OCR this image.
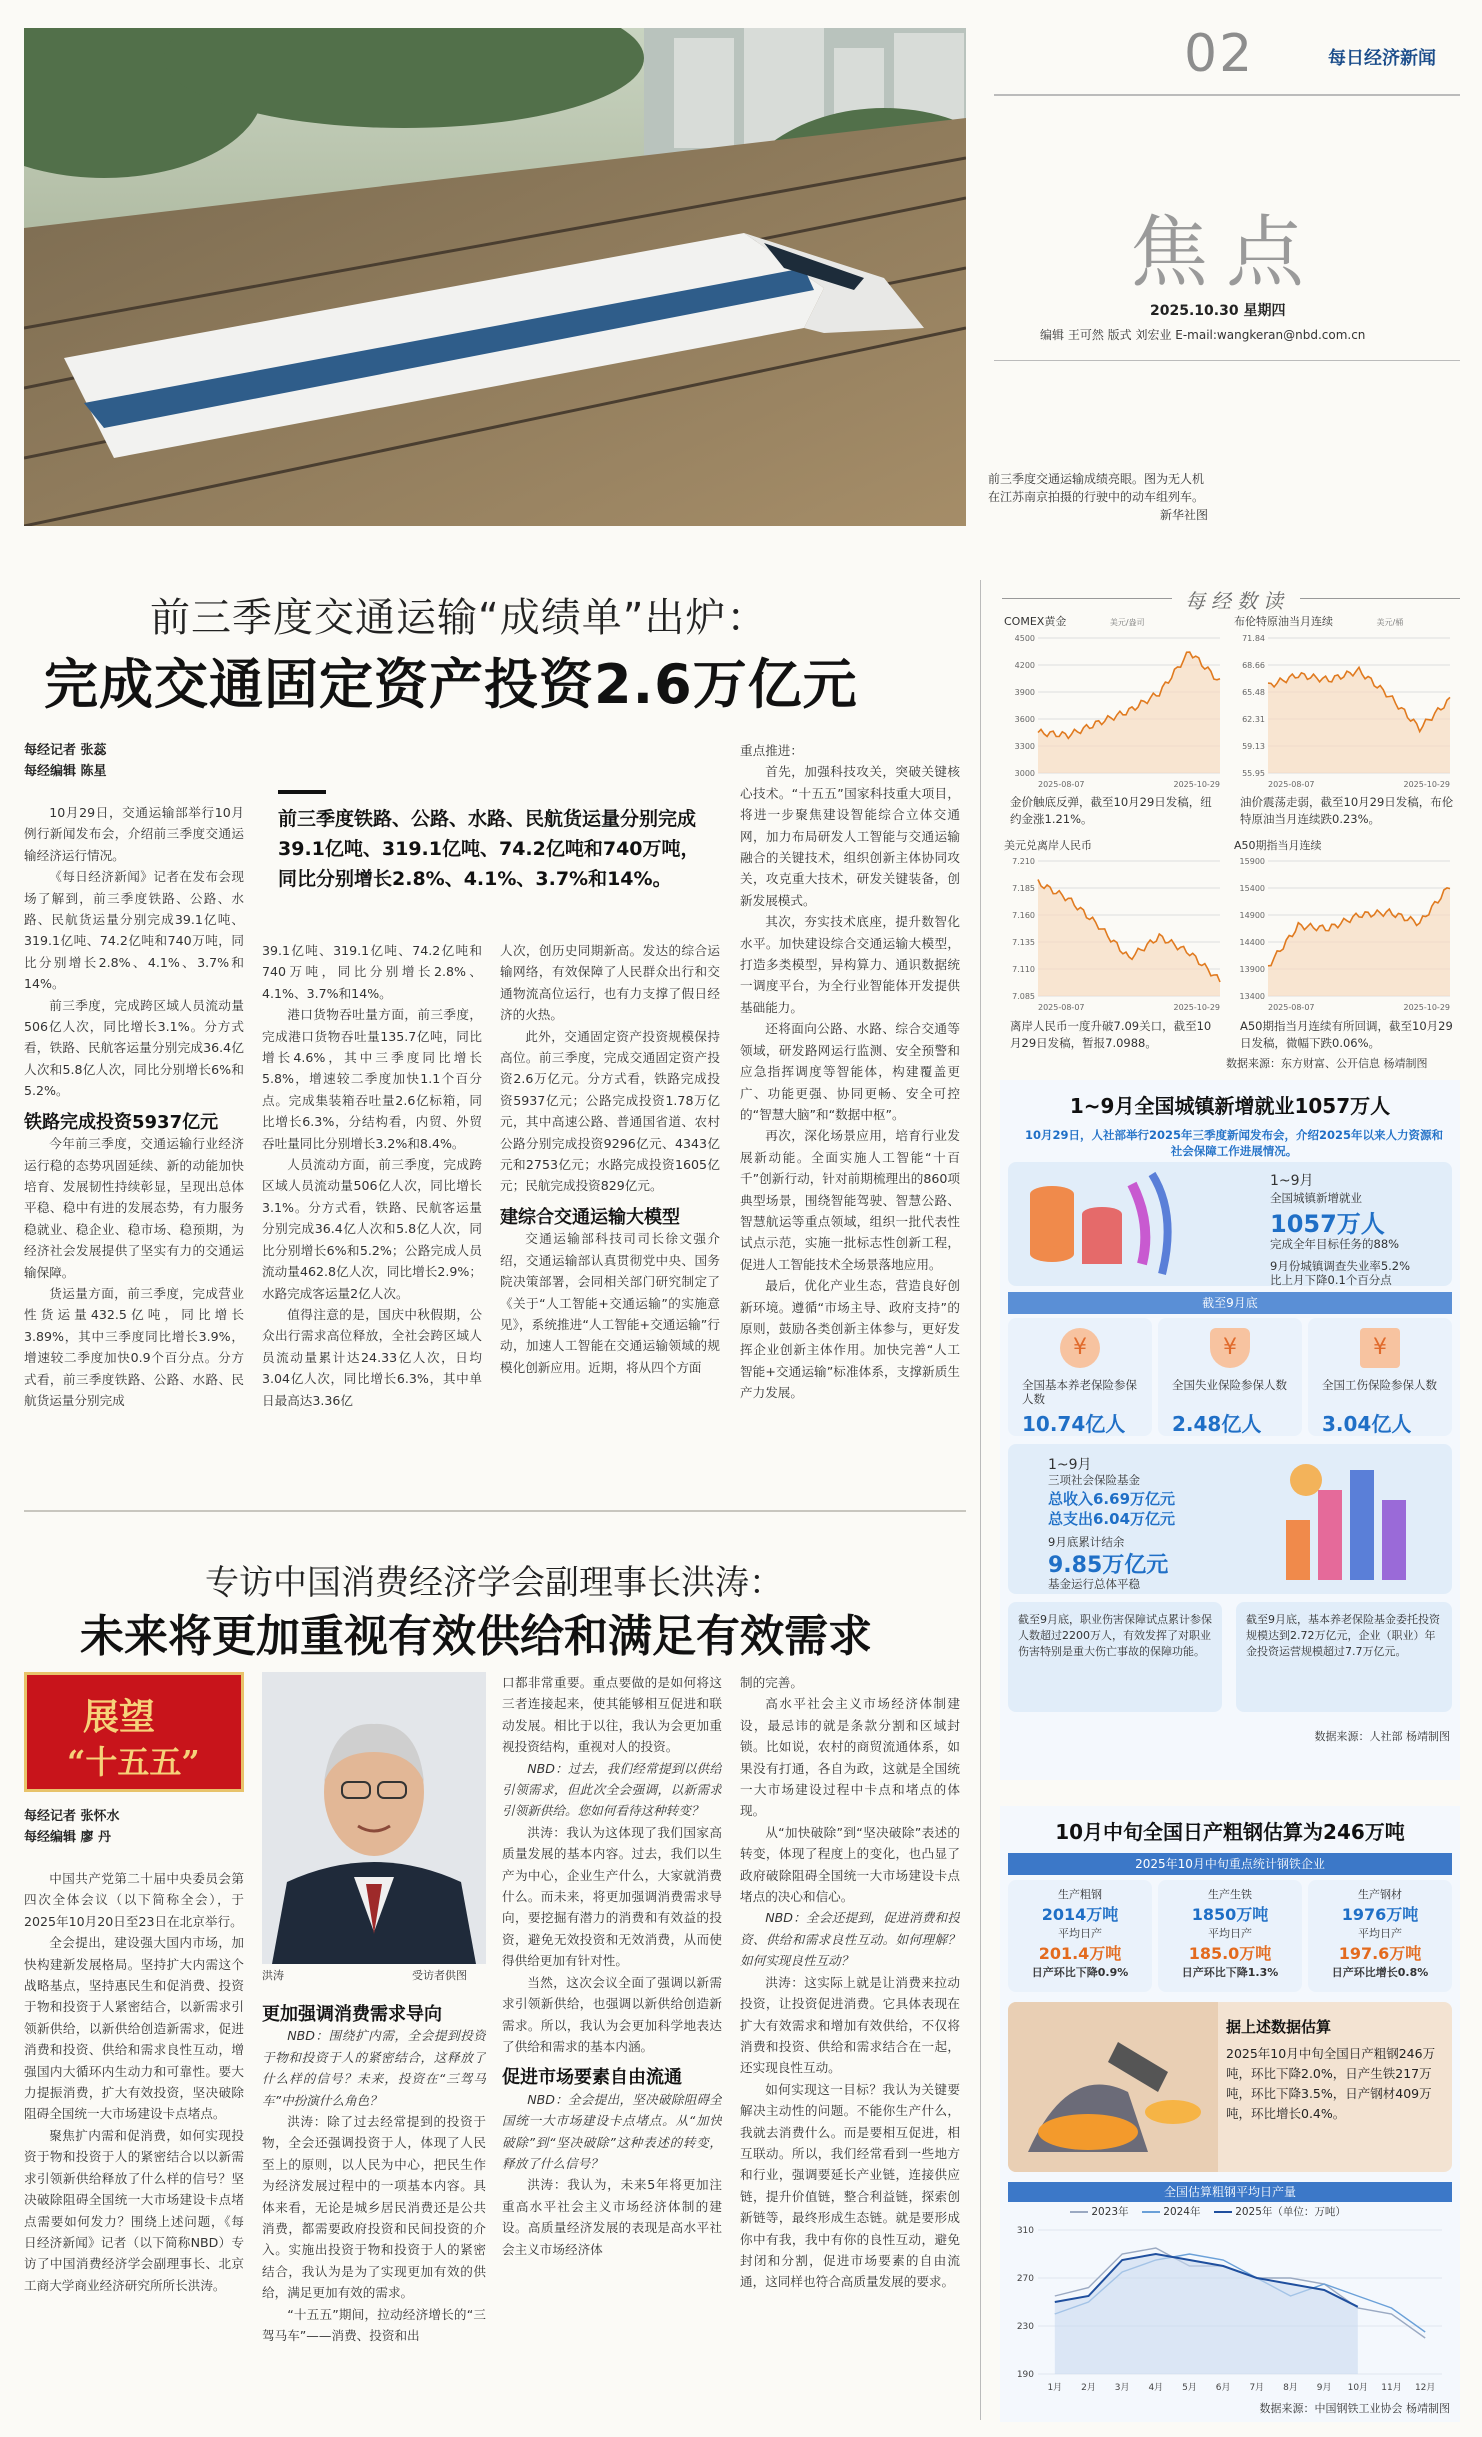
02	每日经济新闻
焦点
2025.10.30 星期四
编辑 王可然 版式 刘宏业 E-mail:wangkeran@nbd.com.cn
前三季度交通运输成绩亮眼。图为无人机在江苏南京拍摄的行驶中的动车组列车。
新华社图
前三季度交通运输“成绩单”出炉：
完成交通固定资产投资2.6万亿元
每经记者 张蕊
每经编辑 陈星
前三季度铁路、公路、水路、民航货运量分别完成39.1亿吨、319.1亿吨、74.2亿吨和740万吨，同比分别增长2.8%、4.1%、3.7%和14%。

10月29日，交通运输部举行10月例行新闻发布会，介绍前三季度交通运输经济运行情况。

《每日经济新闻》记者在发布会现场了解到，前三季度铁路、公路、水路、民航货运量分别完成39.1亿吨、319.1亿吨、74.2亿吨和740万吨，同比分别增长2.8%、4.1%、3.7%和14%。

前三季度，完成跨区域人员流动量506亿人次，同比增长3.1%。分方式看，铁路、民航客运量分别完成36.4亿人次和5.8亿人次，同比分别增长6%和5.2%。

铁路完成投资5937亿元

今年前三季度，交通运输行业经济运行稳的态势巩固延续、新的动能加快培育、发展韧性持续彰显，呈现出总体平稳、稳中有进的发展态势，有力服务稳就业、稳企业、稳市场、稳预期，为经济社会发展提供了坚实有力的交通运输保障。

货运量方面，前三季度，完成营业性货运量432.5亿吨，同比增长3.89%，其中三季度同比增长3.9%，增速较二季度加快0.9个百分点。分方式看，前三季度铁路、公路、水路、民航货运量分别完成

39.1亿吨、319.1亿吨、74.2亿吨和740万吨，同比分别增长2.8%、4.1%、3.7%和14%。

港口货物吞吐量方面，前三季度，完成港口货物吞吐量135.7亿吨，同比增长4.6%，其中三季度同比增长5.8%，增速较二季度加快1.1个百分点。完成集装箱吞吐量2.6亿标箱，同比增长6.3%，分结构看，内贸、外贸吞吐量同比分别增长3.2%和8.4%。

人员流动方面，前三季度，完成跨区域人员流动量506亿人次，同比增长3.1%。分方式看，铁路、民航客运量分别完成36.4亿人次和5.8亿人次，同比分别增长6%和5.2%；公路完成人员流动量462.8亿人次，同比增长2.9%；水路完成客运量2亿人次。

值得注意的是，国庆中秋假期，公众出行需求高位释放，全社会跨区域人员流动量累计达24.33亿人次，日均3.04亿人次，同比增长6.3%，其中单日最高达3.36亿

人次，创历史同期新高。发达的综合运输网络，有效保障了人民群众出行和交通物流高位运行，也有力支撑了假日经济的火热。

此外，交通固定资产投资规模保持高位。前三季度，完成交通固定资产投资2.6万亿元。分方式看，铁路完成投资5937亿元；公路完成投资1.78万亿元，其中高速公路、普通国省道、农村公路分别完成投资9296亿元、4343亿元和2753亿元；水路完成投资1605亿元；民航完成投资829亿元。

建综合交通运输大模型

交通运输部科技司司长徐文强介绍，交通运输部认真贯彻党中央、国务院决策部署，会同相关部门研究制定了《关于“人工智能+交通运输”的实施意见》，系统推进“人工智能+交通运输”行动，加速人工智能在交通运输领域的规模化创新应用。近期，将从四个方面

重点推进：

首先，加强科技攻关，突破关键核心技术。“十五五”国家科技重大项目，将进一步聚焦建设智能综合立体交通网，加力布局研发人工智能与交通运输融合的关键技术，组织创新主体协同攻关，攻克重大技术，研发关键装备，创新发展模式。

其次，夯实技术底座，提升数智化水平。加快建设综合交通运输大模型，打造多类模型，异构算力、通识数据统一调度平台，为全行业智能体开发提供基础能力。

还将面向公路、水路、综合交通等领域，研发路网运行监测、安全预警和应急指挥调度等智能体，构建覆盖更广、功能更强、协同更畅、安全可控的“智慧大脑”和“数据中枢”。

再次，深化场景应用，培育行业发展新动能。全面实施人工智能“十百千”创新行动，针对前期梳理出的860项典型场景，围绕智能驾驶、智慧公路、智慧航运等重点领域，组织一批代表性试点示范，实施一批标志性创新工程，促进人工智能技术全场景落地应用。

最后，优化产业生态，营造良好创新环境。遵循“市场主导、政府支持”的原则，鼓励各类创新主体参与，更好发挥企业创新主体作用。加快完善“人工智能+交通运输”标准体系，支撑新质生产力发展。

专访中国消费经济学会副理事长洪涛：
未来将更加重视有效供给和满足有效需求
展望
“十五五”
每经记者 张怀水
每经编辑 廖 丹
洪涛	受访者供图

中国共产党第二十届中央委员会第四次全体会议（以下简称全会），于2025年10月20日至23日在北京举行。

全会提出，建设强大国内市场，加快构建新发展格局。坚持扩大内需这个战略基点，坚持惠民生和促消费、投资于物和投资于人紧密结合，以新需求引领新供给，以新供给创造新需求，促进消费和投资、供给和需求良性互动，增强国内大循环内生动力和可靠性。要大力提振消费，扩大有效投资，坚决破除阻碍全国统一大市场建设卡点堵点。

聚焦扩内需和促消费，如何实现投资于物和投资于人的紧密结合以以新需求引领新供给释放了什么样的信号？坚决破除阻碍全国统一大市场建设卡点堵点需要如何发力？围绕上述问题，《每日经济新闻》记者（以下简称NBD）专访了中国消费经济学会副理事长、北京工商大学商业经济研究所所长洪涛。

更加强调消费需求导向

NBD：围绕扩内需，全会提到投资于物和投资于人的紧密结合，这释放了什么样的信号？未来，投资在“三驾马车”中扮演什么角色？

洪涛：除了过去经常提到的投资于物，全会还强调投资于人，体现了人民至上的原则，以人民为中心，把民生作为经济发展过程中的一项基本内容。具体来看，无论是城乡居民消费还是公共消费，都需要政府投资和民间投资的介入。实施出投资于物和投资于人的紧密结合，我认为是为了实现更加有效的供给，满足更加有效的需求。

“十五五”期间，拉动经济增长的“三驾马车”——消费、投资和出

口都非常重要。重点要做的是如何将这三者连接起来，使其能够相互促进和联动发展。相比于以往，我认为会更加重视投资结构，重视对人的投资。

NBD：过去，我们经常提到以供给引领需求，但此次全会强调，以新需求引领新供给。您如何看待这种转变？

洪涛：我认为这体现了我们国家高质量发展的基本内容。过去，我们以生产为中心，企业生产什么，大家就消费什么。而未来，将更加强调消费需求导向，要挖掘有潜力的消费和有效益的投资，避免无效投资和无效消费，从而使得供给更加有针对性。

当然，这次会议全面了强调以新需求引领新供给，也强调以新供给创造新需求。所以，我认为会更加科学地表达了供给和需求的基本内涵。

促进市场要素自由流通

NBD：全会提出，坚决破除阻碍全国统一大市场建设卡点堵点。从“加快破除”到“坚决破除”这种表述的转变，释放了什么信号？

洪涛：我认为，未来5年将更加注重高水平社会主义市场经济体制的建设。高质量经济发展的表现是高水平社会主义市场经济体

制的完善。

高水平社会主义市场经济体制建设，最忌讳的就是条款分割和区域封锁。比如说，农村的商贸流通体系，如果没有打通，各自为政，这就是全国统一大市场建设过程中卡点和堵点的体现。

从“加快破除”到“坚决破除”表述的转变，体现了程度上的变化，也凸显了政府破除阻碍全国统一大市场建设卡点堵点的决心和信心。

NBD：全会还提到，促进消费和投资、供给和需求良性互动。如何理解？如何实现良性互动？

洪涛：这实际上就是让消费来拉动投资，让投资促进消费。它具体表现在扩大有效需求和增加有效供给，不仅将消费和投资、供给和需求结合在一起，还实现良性互动。

如何实现这一目标？我认为关键要解决主动性的问题。不能你生产什么，我就去消费什么。而是要相互促进，相互联动。所以，我们经常看到一些地方和行业，强调要延长产业链，连接供应链，提升价值链，整合利益链，探索创新链等，最终形成生态链。就是要形成你中有我，我中有你的良性互动，避免封闭和分割，促进市场要素的自由流通，这同样也符合高质量发展的要求。

每经数读
COMEX黄金	美元/盎司
4500
4200
3900
3600
3300
3000
2025-08-07	2025-10-29
布伦特原油当月连续	美元/桶
71.84
68.66
65.48
62.31
59.13
55.95
2025-08-07	2025-10-29
金价触底反弹，截至10月29日发稿，纽约金涨1.21%。
油价震荡走弱，截至10月29日发稿，布伦特原油当月连续跌0.23%。
美元兑离岸人民币
7.210
7.185
7.160
7.135
7.110
7.085
2025-08-07	2025-10-29
A50期指当月连续
15900
15400
14900
14400
13900
13400
2025-08-07	2025-10-29
离岸人民币一度升破7.09关口，截至10月29日发稿，暂报7.0988。
A50期指当月连续有所回调，截至10月29日发稿，微幅下跌0.06%。
数据来源：东方财富、公开信息 杨靖制图
1~9月全国城镇新增就业1057万人
10月29日，人社部举行2025年三季度新闻发布会，介绍2025年以来人力资源和社会保障工作进展情况。
1~9月
全国城镇新增就业
1057万人
完成全年目标任务的88%
9月份城镇调查失业率5.2%
比上月下降0.1个百分点
截至9月底
¥
全国基本养老保险参保人数
10.74亿人
¥
全国失业保险参保人数
2.48亿人
¥
全国工伤保险参保人数
3.04亿人
1~9月
三项社会保险基金
总收入6.69万亿元
总支出6.04万亿元
9月底累计结余
9.85万亿元
基金运行总体平稳
截至9月底，职业伤害保障试点累计参保人数超过2200万人，有效发挥了对职业伤害特别是重大伤亡事故的保障功能。
截至9月底，基本养老保险基金委托投资规模达到2.72万亿元，企业（职业）年金投资运营规模超过7.7万亿元。
数据来源：人社部 杨靖制图
10月中旬全国日产粗钢估算为246万吨
2025年10月中旬重点统计钢铁企业
生产粗钢
2014万吨
平均日产
201.4万吨
日产环比下降0.9%
生产生铁
1850万吨
平均日产
185.0万吨
日产环比下降1.3%
生产钢材
1976万吨
平均日产
197.6万吨
日产环比增长0.8%
据上述数据估算
2025年10月中旬全国日产粗钢246万吨，环比下降2.0%，日产生铁217万吨，环比下降3.5%，日产钢材409万吨，环比增长0.4%。
全国估算粗钢平均日产量
2023年	2024年	2025年（单位：万吨）
310
270
230
190
1月 2月 3月 4月 5月 6月 7月 8月 9月 10月 11月 12月
数据来源：中国钢铁工业协会 杨靖制图
